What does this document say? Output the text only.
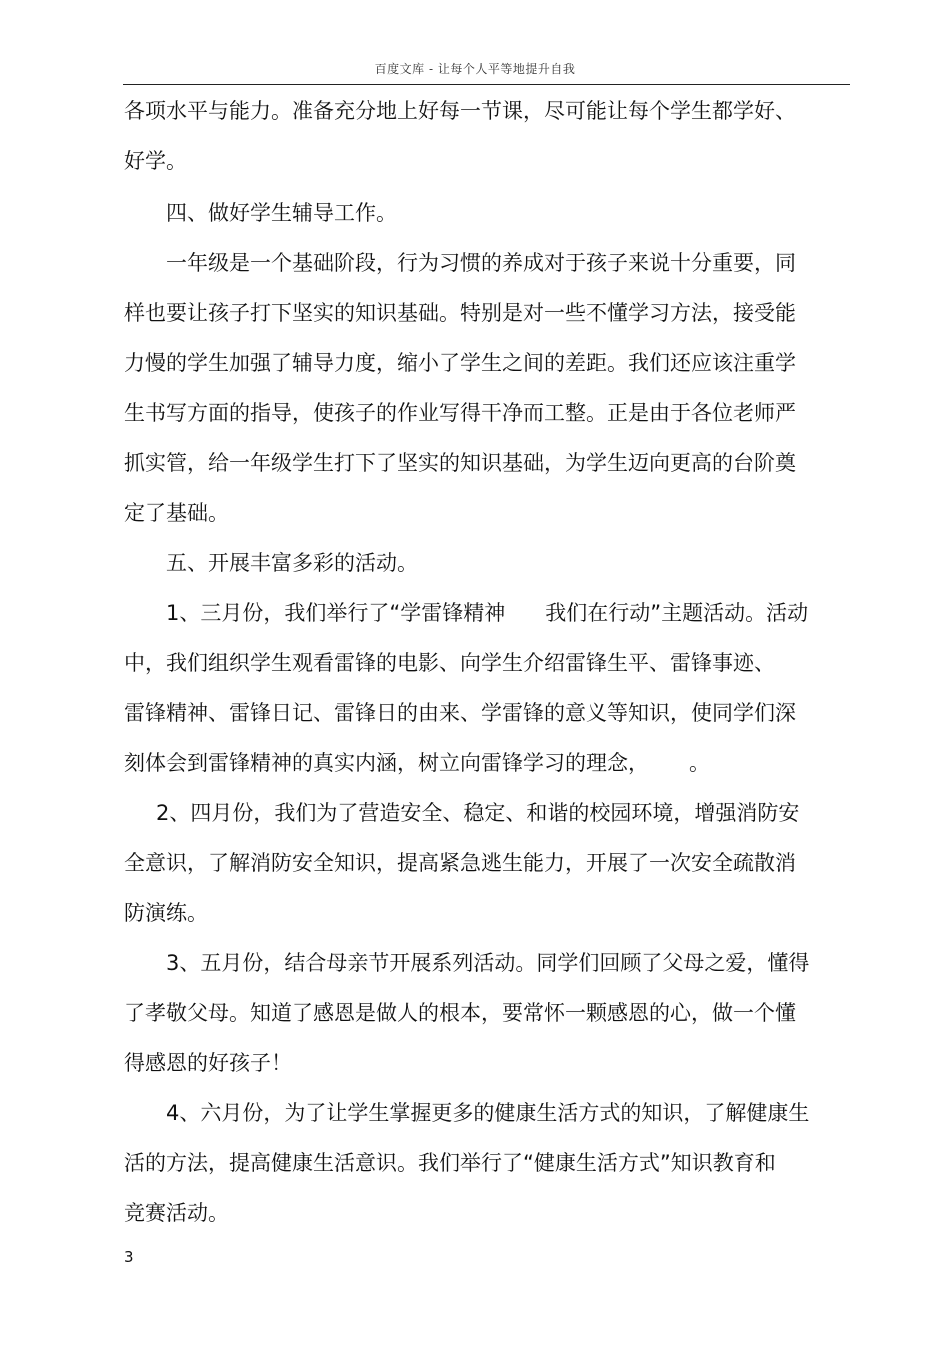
百度文库 - 让每个人平等地提升自我
各项水平与能力。准备充分地上好每一节课，尽可能让每个学生都学好、
好学。
四、做好学生辅导工作。
一年级是一个基础阶段，行为习惯的养成对于孩子来说十分重要，同
样也要让孩子打下坚实的知识基础。特别是对一些不懂学习方法，接受能
力慢的学生加强了辅导力度，缩小了学生之间的差距。我们还应该注重学
生书写方面的指导，使孩子的作业写得干净而工整。正是由于各位老师严
抓实管，给一年级学生打下了坚实的知识基础，为学生迈向更高的台阶奠
定了基础。
五、开展丰富多彩的活动。
1、三月份，我们举行了“学雷锋精神      我们在行动”主题活动。活动
中，我们组织学生观看雷锋的电影、向学生介绍雷锋生平、雷锋事迹、
雷锋精神、雷锋日记、雷锋日的由来、学雷锋的意义等知识，使同学们深
刻体会到雷锋精神的真实内涵，树立向雷锋学习的理念，      。
2、四月份，我们为了营造安全、稳定、和谐的校园环境，增强消防安
全意识，了解消防安全知识，提高紧急逃生能力，开展了一次安全疏散消
防演练。
3、五月份，结合母亲节开展系列活动。同学们回顾了父母之爱，懂得
了孝敬父母。知道了感恩是做人的根本，要常怀一颗感恩的心，做一个懂
得感恩的好孩子！
4、六月份，为了让学生掌握更多的健康生活方式的知识，了解健康生
活的方法，提高健康生活意识。我们举行了“健康生活方式”知识教育和
竞赛活动。
3
